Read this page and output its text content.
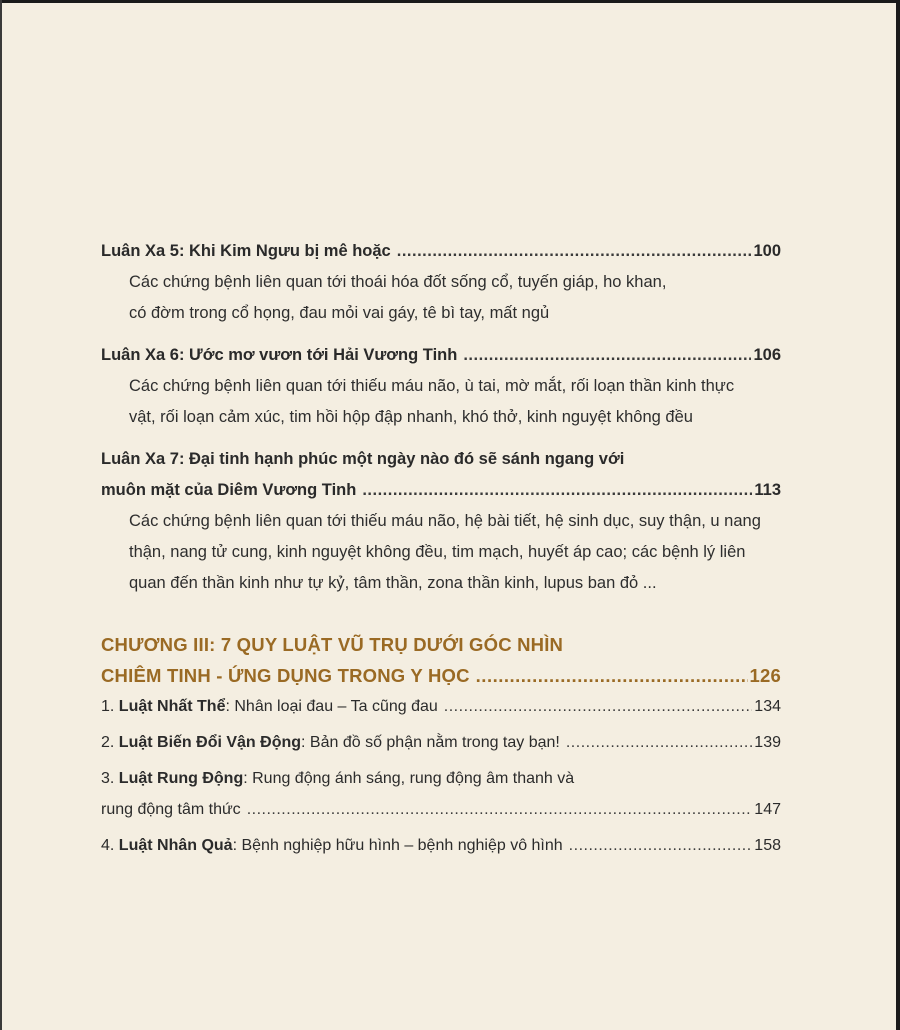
Luân Xa 5: Khi Kim Ngưu bị mê hoặc .....	100
Các chứng bệnh liên quan tới thoái hóa đốt sống cổ, tuyến giáp, ho khan,
có đờm trong cổ họng, đau mỏi vai gáy, tê bì tay, mất ngủ
Luân Xa 6: Ước mơ vươn tới Hải Vương Tinh .....	106
Các chứng bệnh liên quan tới thiếu máu não, ù tai, mờ mắt, rối loạn thần kinh thực
vật, rối loạn cảm xúc, tim hồi hộp đập nhanh, khó thở, kinh nguyệt không đều
Luân Xa 7: Đại tinh hạnh phúc một ngày nào đó sẽ sánh ngang với
muôn mặt của Diêm Vương Tinh .....	113
Các chứng bệnh liên quan tới thiếu máu não, hệ bài tiết, hệ sinh dục, suy thận, u nang
thận, nang tử cung, kinh nguyệt không đều, tim mạch, huyết áp cao; các bệnh lý liên
quan đến thần kinh như tự kỷ, tâm thần, zona thần kinh, lupus ban đỏ ...
CHƯƠNG III: 7 QUY LUẬT VŨ TRỤ DƯỚI GÓC NHÌN
CHIÊM TINH - ỨNG DỤNG TRONG Y HỌC .....	126
1. Luật Nhất Thể: Nhân loại đau – Ta cũng đau .....	134
2. Luật Biến Đổi Vận Động: Bản đồ số phận nằm trong tay bạn! .....	139
3. Luật Rung Động: Rung động ánh sáng, rung động âm thanh và
rung động tâm thức .....	147
4. Luật Nhân Quả: Bệnh nghiệp hữu hình – bệnh nghiệp vô hình .....	158
